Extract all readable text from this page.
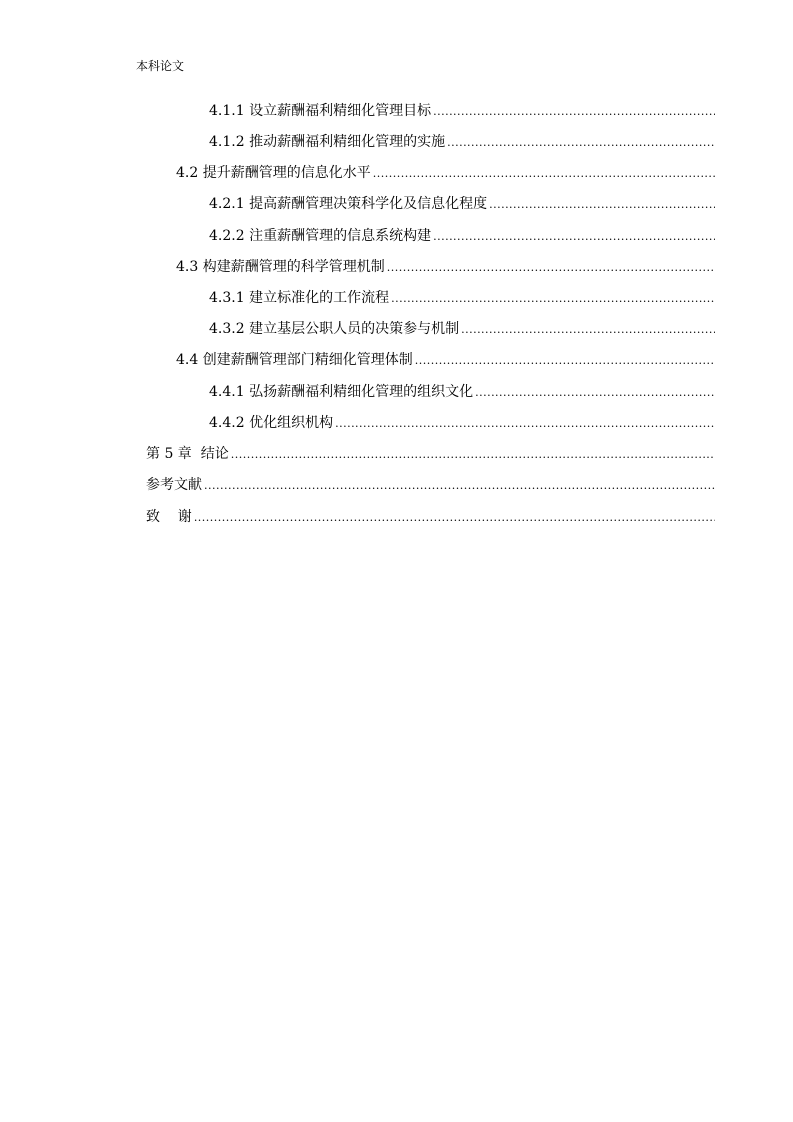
本科论文
4.1.1 设立薪酬福利精细化管理目标
.....
4.1.2 推动薪酬福利精细化管理的实施
.....
4.2 提升薪酬管理的信息化水平
.....
4.2.1 提高薪酬管理决策科学化及信息化程度
.....
4.2.2 注重薪酬管理的信息系统构建
.....
4.3 构建薪酬管理的科学管理机制
.....
4.3.1 建立标准化的工作流程
.....
4.3.2 建立基层公职人员的决策参与机制
.....
4.4 创建薪酬管理部门精细化管理体制
.....
4.4.1 弘扬薪酬福利精细化管理的组织文化
.....
4.4.2 优化组织机构
.....
第 5 章  结论
.....
参考文献
.....
致    谢
.....
